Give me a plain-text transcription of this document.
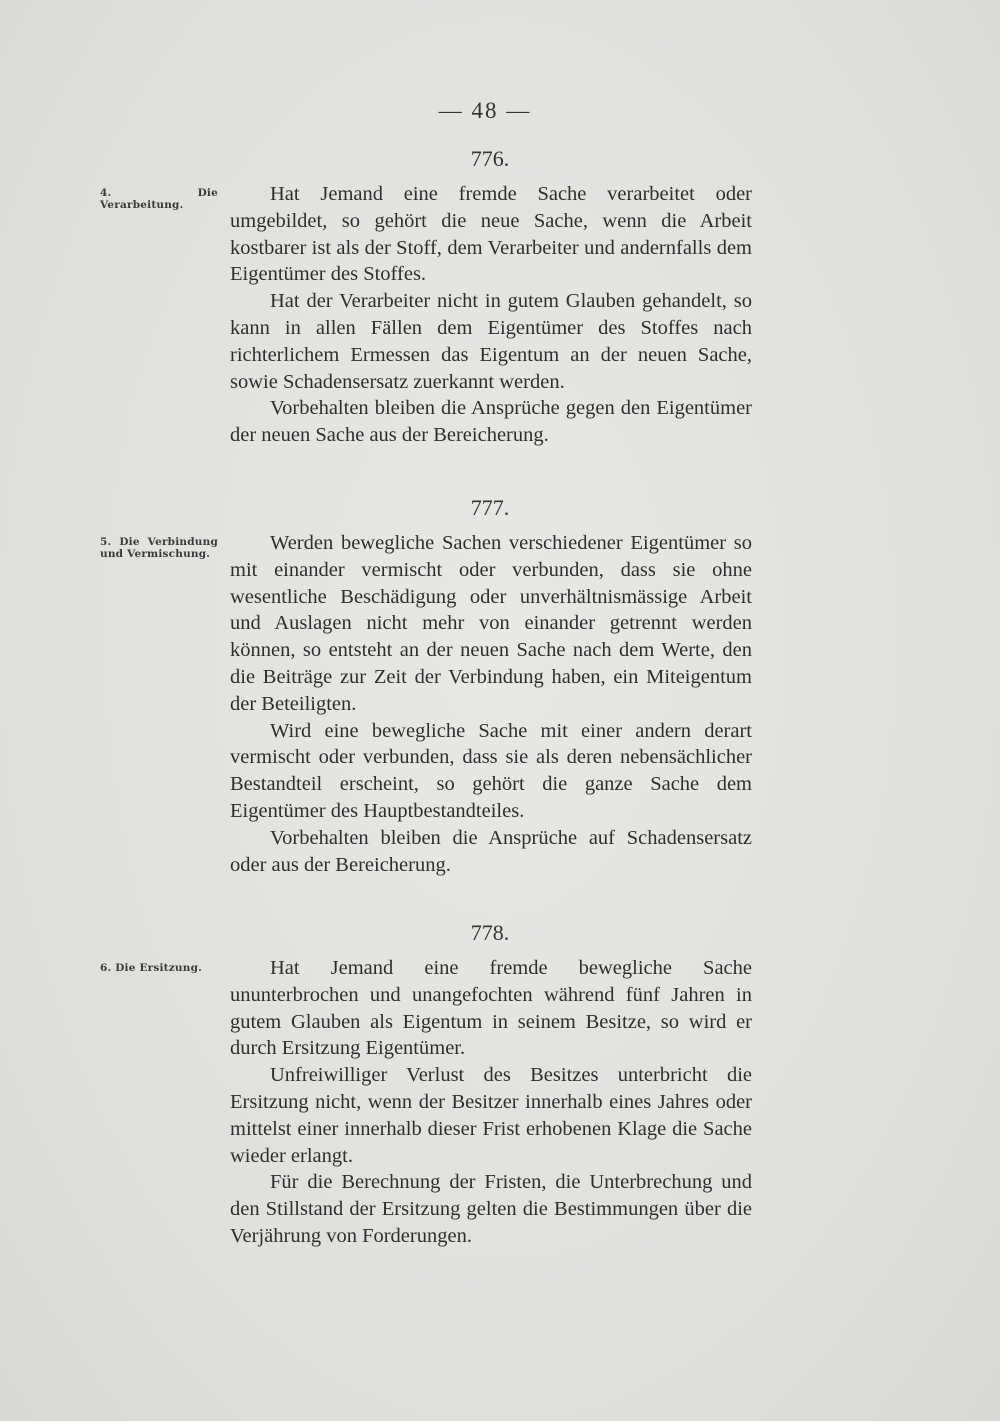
— 48 —
776.
4. Die Verarbeitung.	Hat Jemand eine fremde Sache verarbeitet oder umgebildet, so gehört die neue Sache, wenn die Arbeit kostbarer ist als der Stoff, dem Verarbeiter und andernfalls dem Eigentümer des Stoffes.

Hat der Verarbeiter nicht in gutem Glauben gehandelt, so kann in allen Fällen dem Eigentümer des Stoffes nach richterlichem Ermessen das Eigentum an der neuen Sache, sowie Schadensersatz zuerkannt werden.

Vorbehalten bleiben die Ansprüche gegen den Eigentümer der neuen Sache aus der Bereicherung.

777.
5. Die Verbindung und Vermischung.	Werden bewegliche Sachen verschiedener Eigentümer so mit einander vermischt oder verbunden, dass sie ohne wesentliche Beschädigung oder unverhältnismässige Arbeit und Auslagen nicht mehr von einander getrennt werden können, so entsteht an der neuen Sache nach dem Werte, den die Beiträge zur Zeit der Verbindung haben, ein Miteigentum der Beteiligten.

Wird eine bewegliche Sache mit einer andern derart vermischt oder verbunden, dass sie als deren nebensächlicher Bestandteil erscheint, so gehört die ganze Sache dem Eigentümer des Hauptbestandteiles.

Vorbehalten bleiben die Ansprüche auf Schadensersatz oder aus der Bereicherung.

778.
6. Die Ersitzung.	Hat Jemand eine fremde bewegliche Sache ununterbrochen und unangefochten während fünf Jahren in gutem Glauben als Eigentum in seinem Besitze, so wird er durch Ersitzung Eigentümer.

Unfreiwilliger Verlust des Besitzes unterbricht die Ersitzung nicht, wenn der Besitzer innerhalb eines Jahres oder mittelst einer innerhalb dieser Frist erhobenen Klage die Sache wieder erlangt.

Für die Berechnung der Fristen, die Unterbrechung und den Stillstand der Ersitzung gelten die Bestimmungen über die Verjährung von Forderungen.
